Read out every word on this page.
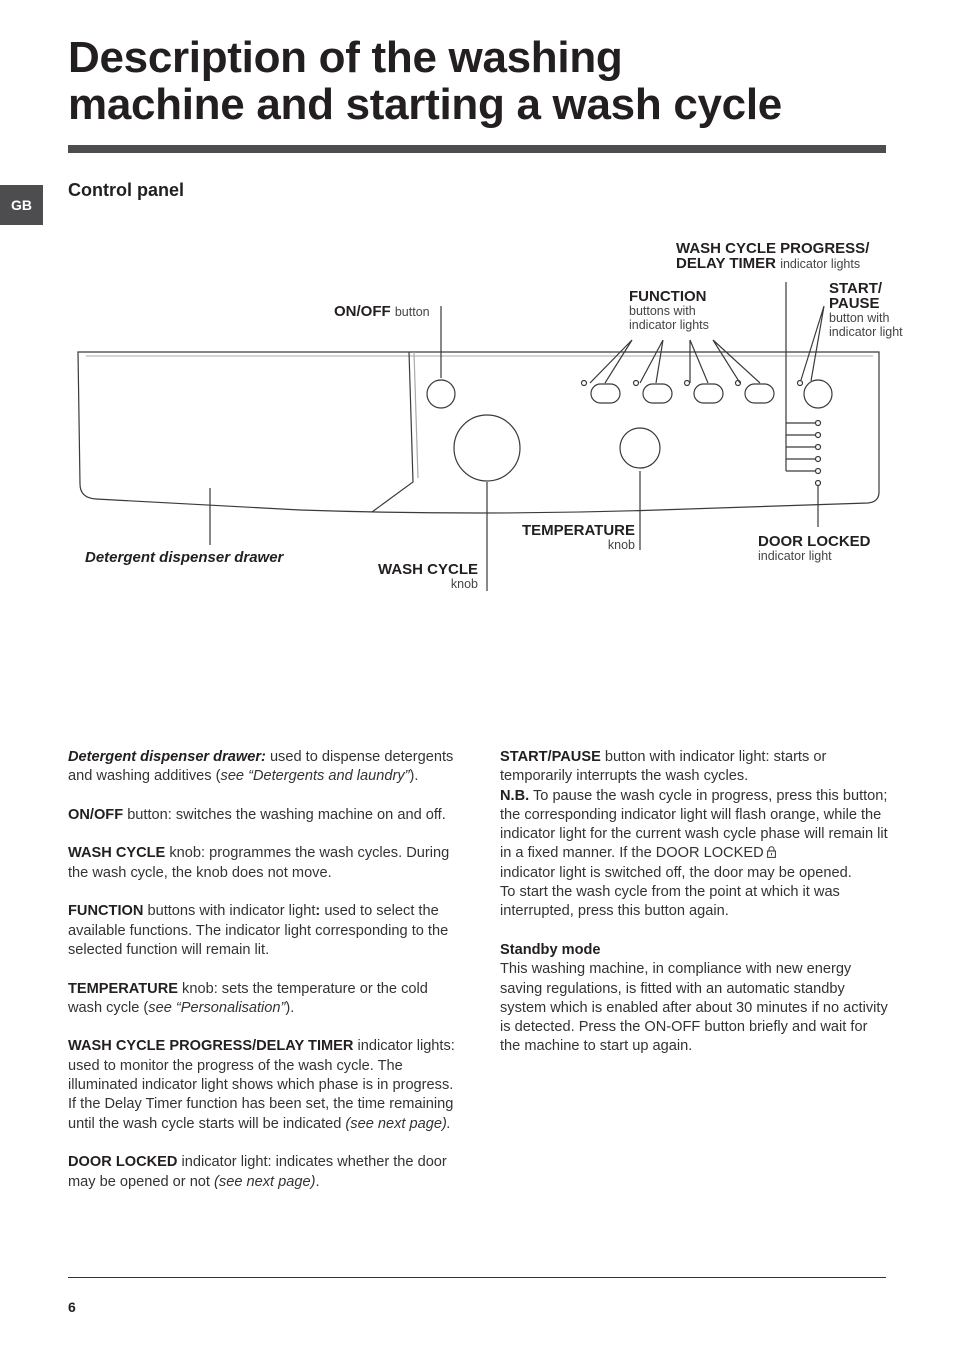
Description of the washing
machine and starting a wash cycle
GB
Control panel
WASH CYCLE PROGRESS/
DELAY TIMER indicator lights
ON/OFF button
FUNCTION
buttons with
indicator lights
START/
PAUSE
button with
indicator light
TEMPERATURE
knob	DOOR LOCKED
indicator light
Detergent dispenser drawer
WASH CYCLE
knob

Detergent dispenser drawer: used to dispense detergents and washing additives (see “Detergents and laundry”).

ON/OFF button: switches the washing machine on and off.

WASH CYCLE knob: programmes the wash cycles. During the wash cycle, the knob does not move.

FUNCTION buttons with indicator light: used to select the available functions. The indicator light corresponding to the selected function will remain lit.

TEMPERATURE knob: sets the temperature or the cold wash cycle (see “Personalisation”).

WASH CYCLE PROGRESS/DELAY TIMER indicator lights: used to monitor the progress of the wash cycle. The illuminated indicator light shows which phase is in progress.
If the Delay Timer function has been set, the time remaining until the wash cycle starts will be indicated (see next page).

DOOR LOCKED indicator light: indicates whether the door may be opened or not (see next page).

START/PAUSE button with indicator light: starts or temporarily interrupts the wash cycles.

N.B. To pause the wash cycle in progress, press this button; the corresponding indicator light will flash orange, while the indicator light for the current wash cycle phase will remain lit in a fixed manner. If the DOOR LOCKED
indicator light is switched off, the door may be opened.
To start the wash cycle from the point at which it was interrupted, press this button again.

Standby mode

This washing machine, in compliance with new energy saving regulations, is fitted with an automatic standby system which is enabled after about 30 minutes if no activity is detected. Press the ON-OFF button briefly and wait for the machine to start up again.

6
